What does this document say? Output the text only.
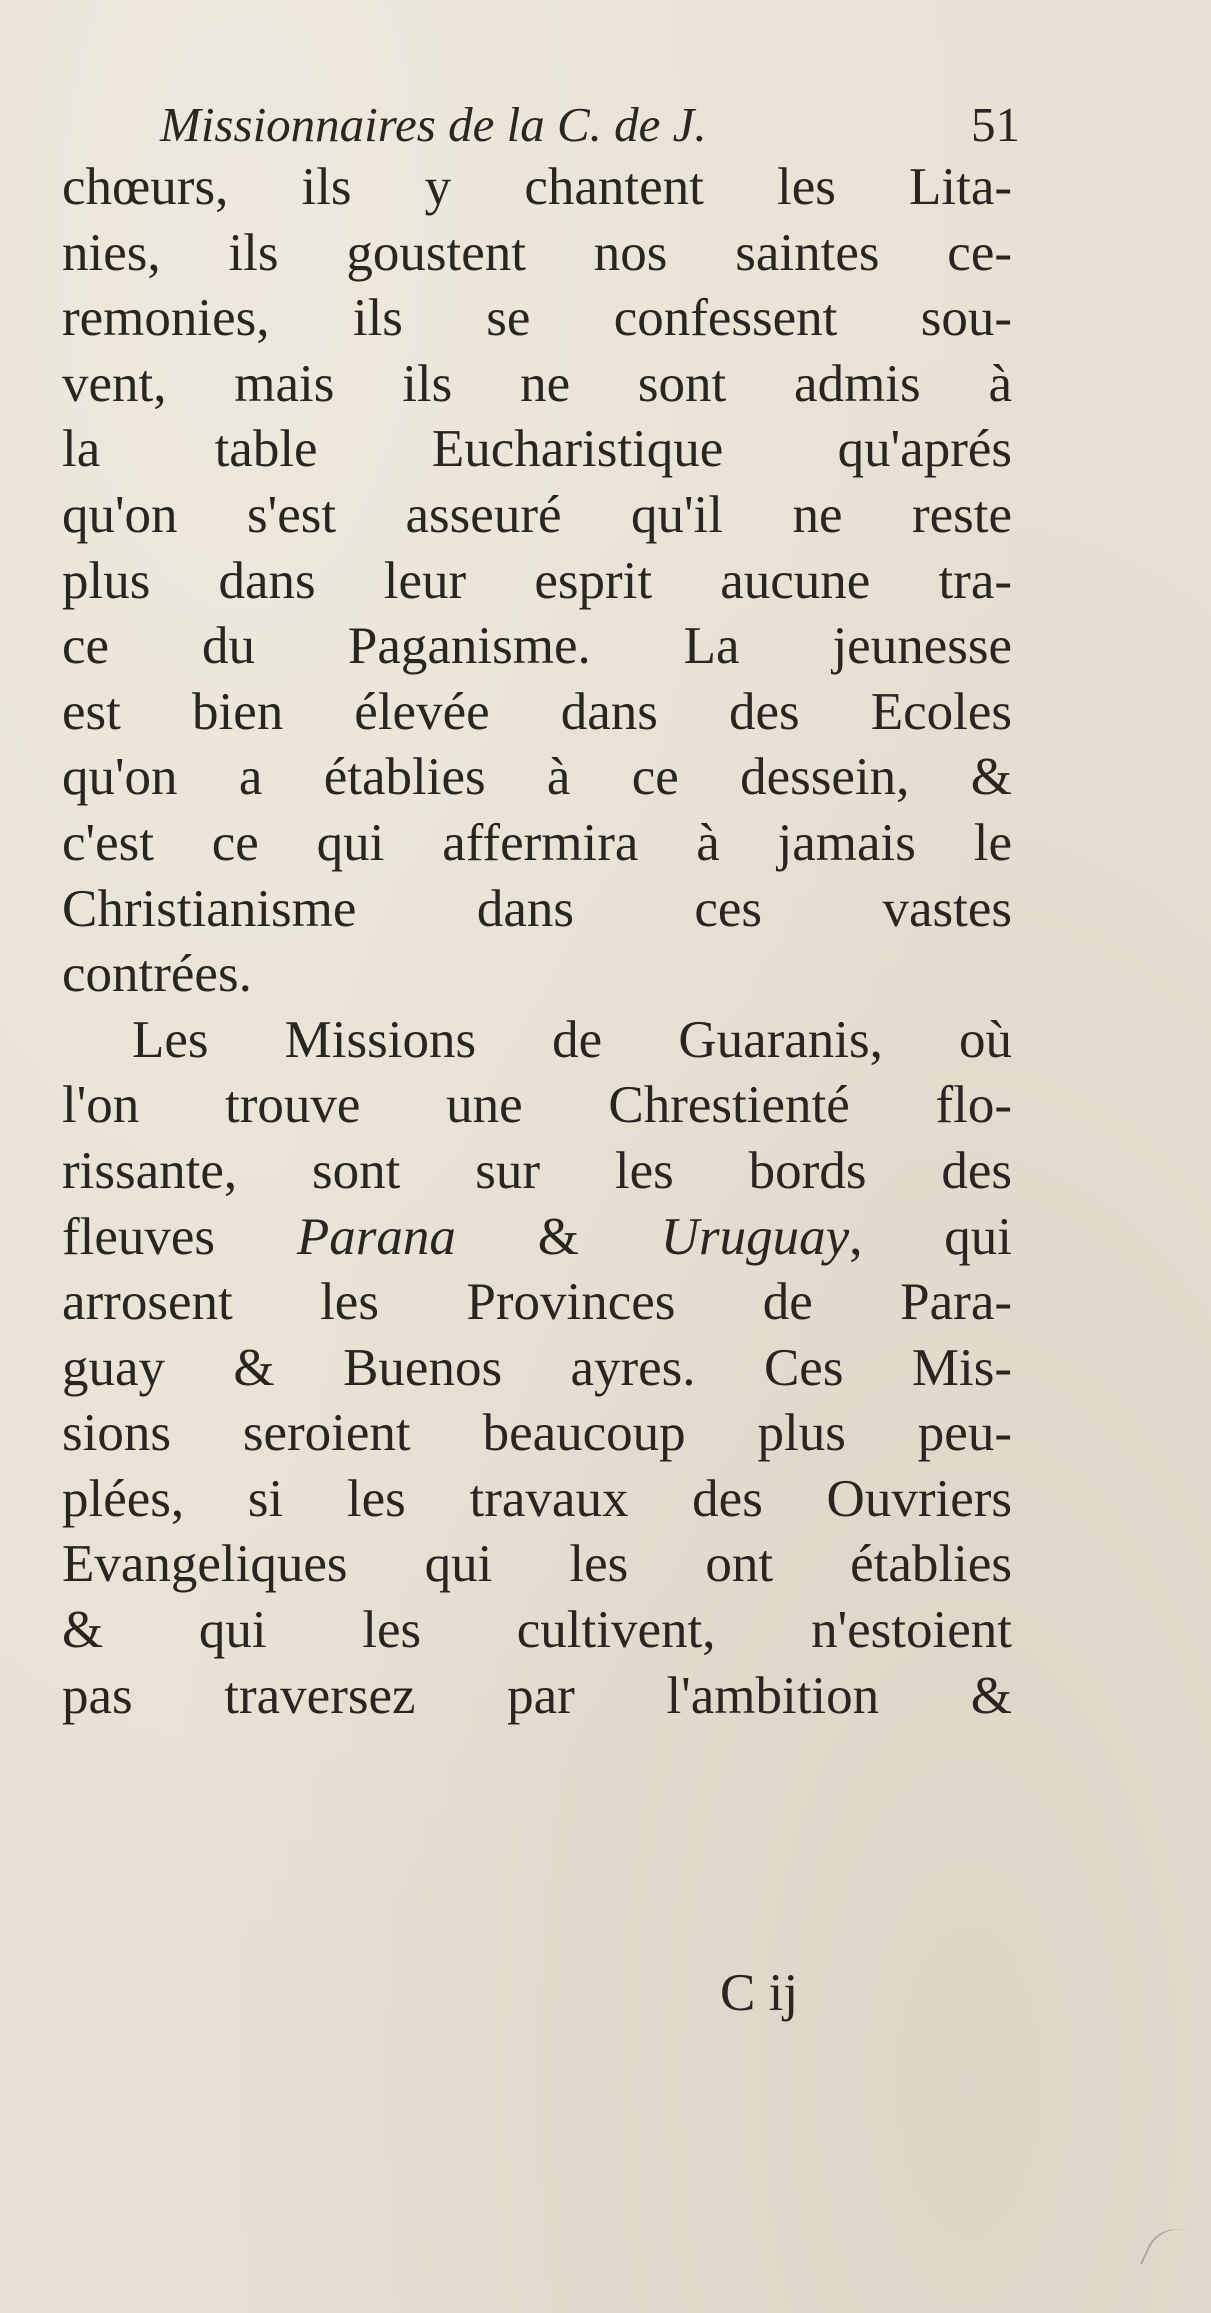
Missionnaires de la C. de J.	51
chœurs, ils y chantent les Lita-
nies, ils goustent nos saintes ce-
remonies, ils se confessent sou-
vent, mais ils ne sont admis à
la table Eucharistique qu'aprés
qu'on s'est asseuré qu'il ne reste
plus dans leur esprit aucune tra-
ce du Paganisme. La jeunesse
est bien élevée dans des Ecoles
qu'on a établies à ce dessein, &
c'est ce qui affermira à jamais le
Christianisme dans ces vastes
contrées.
Les Missions de Guaranis, où
l'on trouve une Chrestienté flo-
rissante, sont sur les bords des
fleuves Parana & Uruguay, qui
arrosent les Provinces de Para-
guay & Buenos ayres. Ces Mis-
sions seroient beaucoup plus peu-
plées, si les travaux des Ouvriers
Evangeliques qui les ont établies
& qui les cultivent, n'estoient
pas traversez par l'ambition &
C ij
